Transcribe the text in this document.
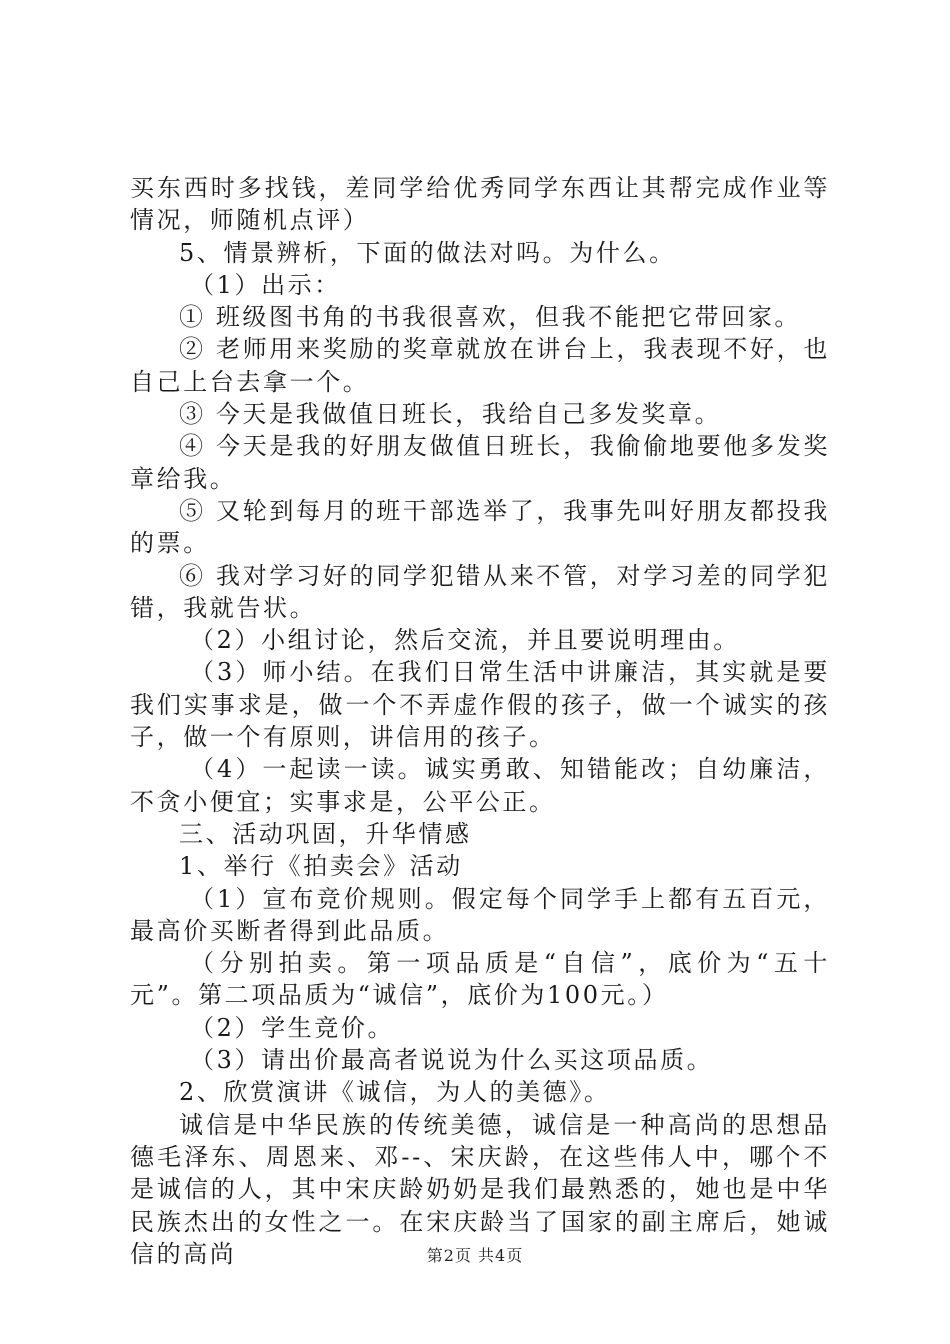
买东西时多找钱，差同学给优秀同学东西让其帮完成作业等情况，师随机点评）

5、情景辨析，下面的做法对吗。为什么。

（1）出示：

① 班级图书角的书我很喜欢，但我不能把它带回家。

② 老师用来奖励的奖章就放在讲台上，我表现不好，也自己上台去拿一个。

③ 今天是我做值日班长，我给自己多发奖章。

④ 今天是我的好朋友做值日班长，我偷偷地要他多发奖章给我。

⑤ 又轮到每月的班干部选举了，我事先叫好朋友都投我的票。

⑥ 我对学习好的同学犯错从来不管，对学习差的同学犯错，我就告状。

（2）小组讨论，然后交流，并且要说明理由。

（3）师小结。在我们日常生活中讲廉洁，其实就是要我们实事求是，做一个不弄虚作假的孩子，做一个诚实的孩子，做一个有原则，讲信用的孩子。

（4）一起读一读。诚实勇敢、知错能改；自幼廉洁，不贪小便宜；实事求是，公平公正。

三、活动巩固，升华情感

1、举行《拍卖会》活动

（1）宣布竞价规则。假定每个同学手上都有五百元，最高价买断者得到此品质。

（分别拍卖。第一项品质是“自信”，底价为“五十元”。第二项品质为“诚信”，底价为100元。）

（2）学生竞价。

（3）请出价最高者说说为什么买这项品质。

2、欣赏演讲《诚信，为人的美德》。

诚信是中华民族的传统美德，诚信是一种高尚的思想品德毛泽东、周恩来、邓--、宋庆龄，在这些伟人中，哪个不是诚信的人，其中宋庆龄奶奶是我们最熟悉的，她也是中华民族杰出的女性之一。在宋庆龄当了国家的副主席后，她诚信的高尚	第2页 共4页
